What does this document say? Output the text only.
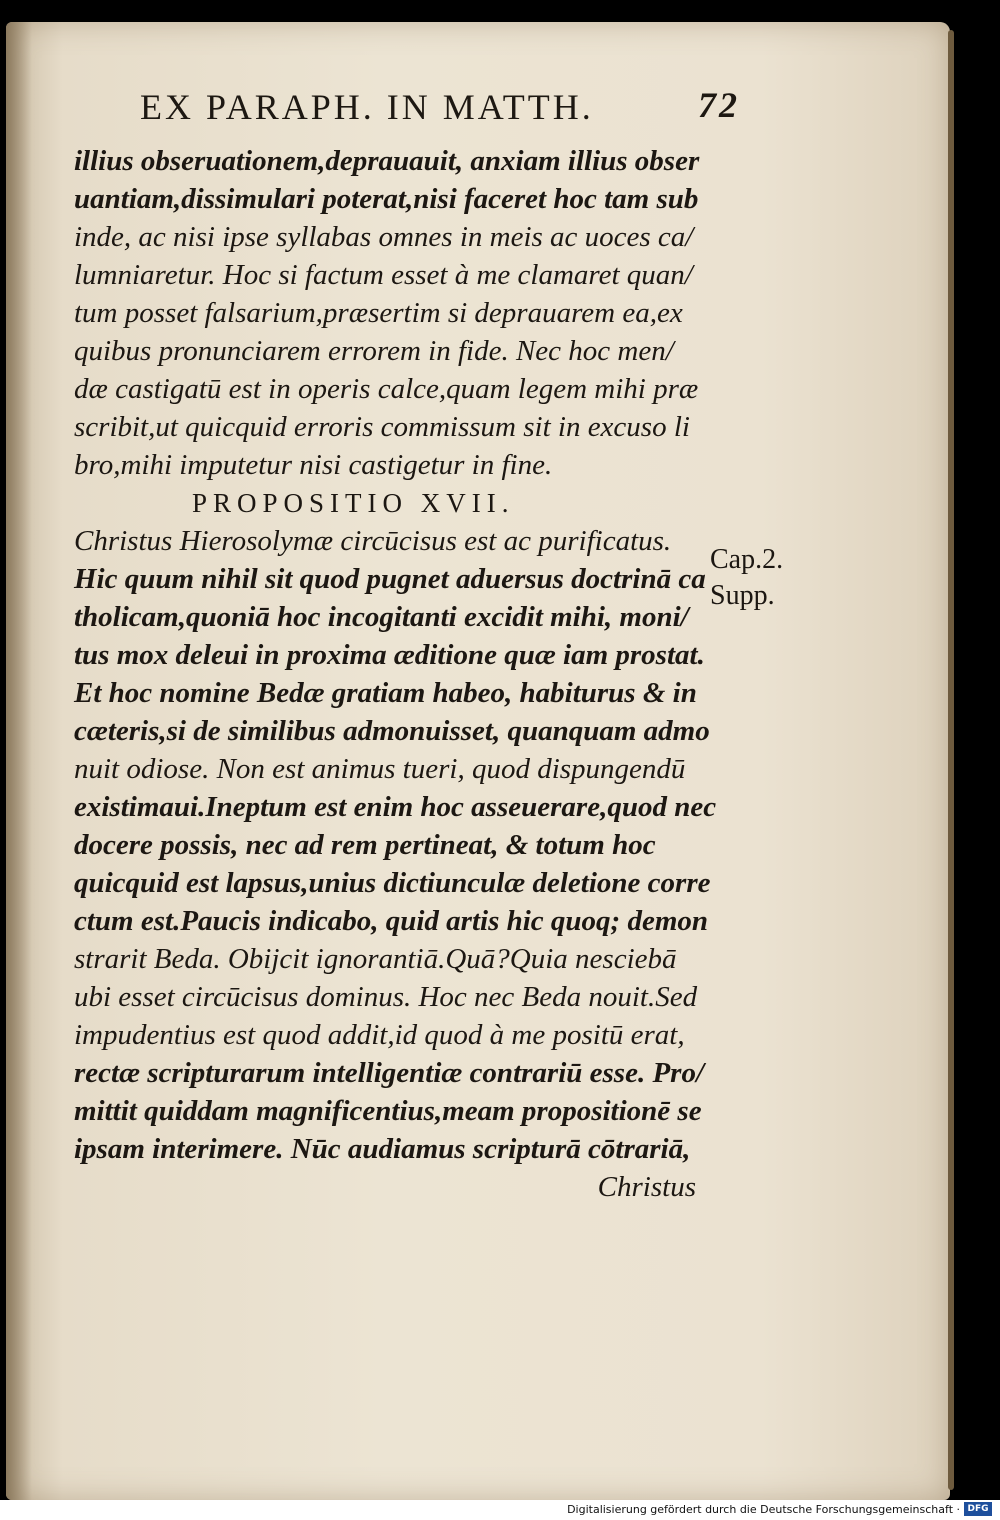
EX PARAPH. IN MATTH.	72
illius obseruationem,deprauauit, anxiam illius obser
uantiam,dissimulari poterat,nisi faceret hoc tam sub
inde, ac nisi ipse syllabas omnes in meis ac uoces ca/
lumniaretur. Hoc si factum esset à me clamaret quan/
tum posset falsarium,præsertim si deprauarem ea,ex
quibus pronunciarem errorem in fide. Nec hoc men/
dæ castigatū est in operis calce,quam legem mihi præ
scribit,ut quicquid erroris commissum sit in excuso li
bro,mihi imputetur nisi castigetur in fine.
PROPOSITIO XVII.
Christus Hierosolymæ circūcisus est ac purificatus.
Hic quum nihil sit quod pugnet aduersus doctrinā ca
tholicam,quoniā hoc incogitanti excidit mihi, moni/
tus mox deleui in proxima æditione quæ iam prostat.
Et hoc nomine Bedæ gratiam habeo, habiturus & in
cæteris,si de similibus admonuisset, quanquam admo
nuit odiose. Non est animus tueri, quod dispungendū
existimaui.Ineptum est enim hoc asseuerare,quod nec
docere possis, nec ad rem pertineat, & totum hoc
quicquid est lapsus,unius dictiunculæ deletione corre
ctum est.Paucis indicabo, quid artis hic quoq; demon
strarit Beda. Obijcit ignorantiā.Quā?Quia nesciebā
ubi esset circūcisus dominus. Hoc nec Beda nouit.Sed
impudentius est quod addit,id quod à me positū erat,
rectæ scripturarum intelligentiæ contrariū esse. Pro/
mittit quiddam magnificentius,meam propositionē se
ipsam interimere. Nūc audiamus scripturā cōtrariā,
Christus
Cap.2.
Supp.
Digitalisierung gefördert durch die Deutsche Forschungsgemeinschaft · DFG
